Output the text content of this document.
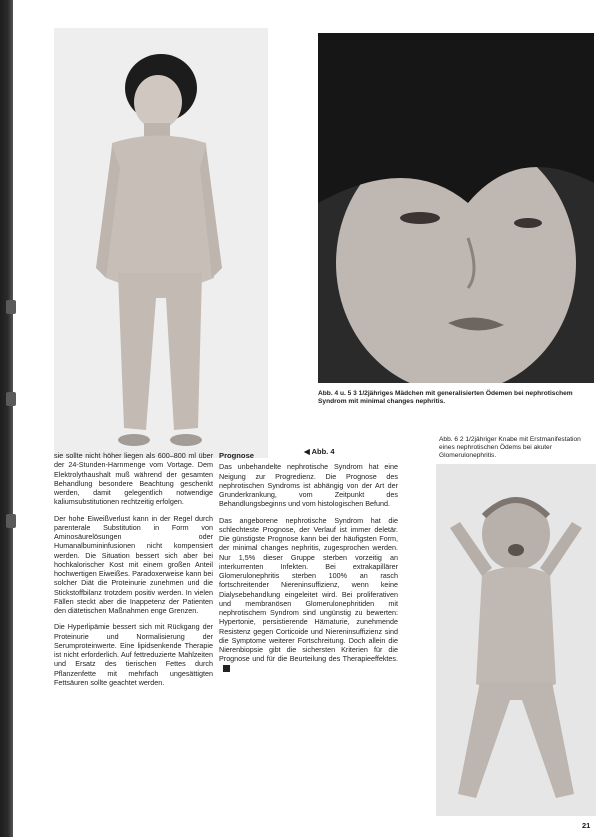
Abb. 4 u. 5 3 1/2jähriges Mädchen mit generalisierten Ödemen bei nephrotischem Syndrom mit minimal changes nephritis.
Abb. 6 2 1/2jähriger Knabe mit Erstmanifestation eines nephrotischen Ödems bei akuter Glomerulonephritis.
◀ Abb. 4

sie sollte nicht höher liegen als 600–800 ml über der 24-Stunden-Harnmenge vom Vortage. Dem Elektrolythaushalt muß während der gesamten Behandlung besondere Beachtung geschenkt werden, damit gelegentlich notwendige kaliumsubstitutionen rechtzeitig erfolgen.

Der hohe Eiweißverlust kann in der Regel durch parenterale Substitution in Form von Aminosäurelösungen oder Humanalbumininfusionen nicht kompensiert werden. Die Situation bessert sich aber bei hochkalorischer Kost mit einem großen Anteil hochwertigen Eiweißes. Paradoxerweise kann bei solcher Diät die Proteinurie zunehmen und die Stickstoffbilanz trotzdem positiv werden. In vielen Fällen steckt aber die Inappetenz der Patienten den diätetischen Maßnahmen enge Grenzen.

Die Hyperlipämie bessert sich mit Rückgang der Proteinurie und Normalisierung der Serumproteinwerte. Eine lipidsenkende Therapie ist nicht erforderlich. Auf fettreduzierte Mahlzeiten und Ersatz des tierischen Fettes durch Pflanzenfette mit mehrfach ungesättigten Fettsäuren sollte geachtet werden.

Prognose

Das unbehandelte nephrotische Syndrom hat eine Neigung zur Progredienz. Die Prognose des nephrotischen Syndroms ist abhängig von der Art der Grunderkrankung, vom Zeitpunkt des Behandlungsbeginns und vom histologischen Befund.

Das angeborene nephrotische Syndrom hat die schlechteste Prognose, der Verlauf ist immer deletär. Die günstigste Prognose kann bei der häufigsten Form, der minimal changes nephritis, zugesprochen werden. Nur 1,5% dieser Gruppe sterben vorzeitig an interkurrenten Infekten. Bei extrakapillärer Glomerulonephritis sterben 100% an rasch fortschreitender Niereninsuffizienz, wenn keine Dialysebehandlung eingeleitet wird. Bei proliferativen und membranösen Glomerulonephritiden mit nephrotischem Syndrom sind ungünstig zu bewerten: Hypertonie, persistierende Hämaturie, zunehmende Resistenz gegen Corticoide und Niereninsuffizienz sind die Symptome weiterer Fortschreitung. Doch allein die Nierenbiopsie gibt die sichersten Kriterien für die Prognose und für die Beurteilung des Therapieeffektes.

21
